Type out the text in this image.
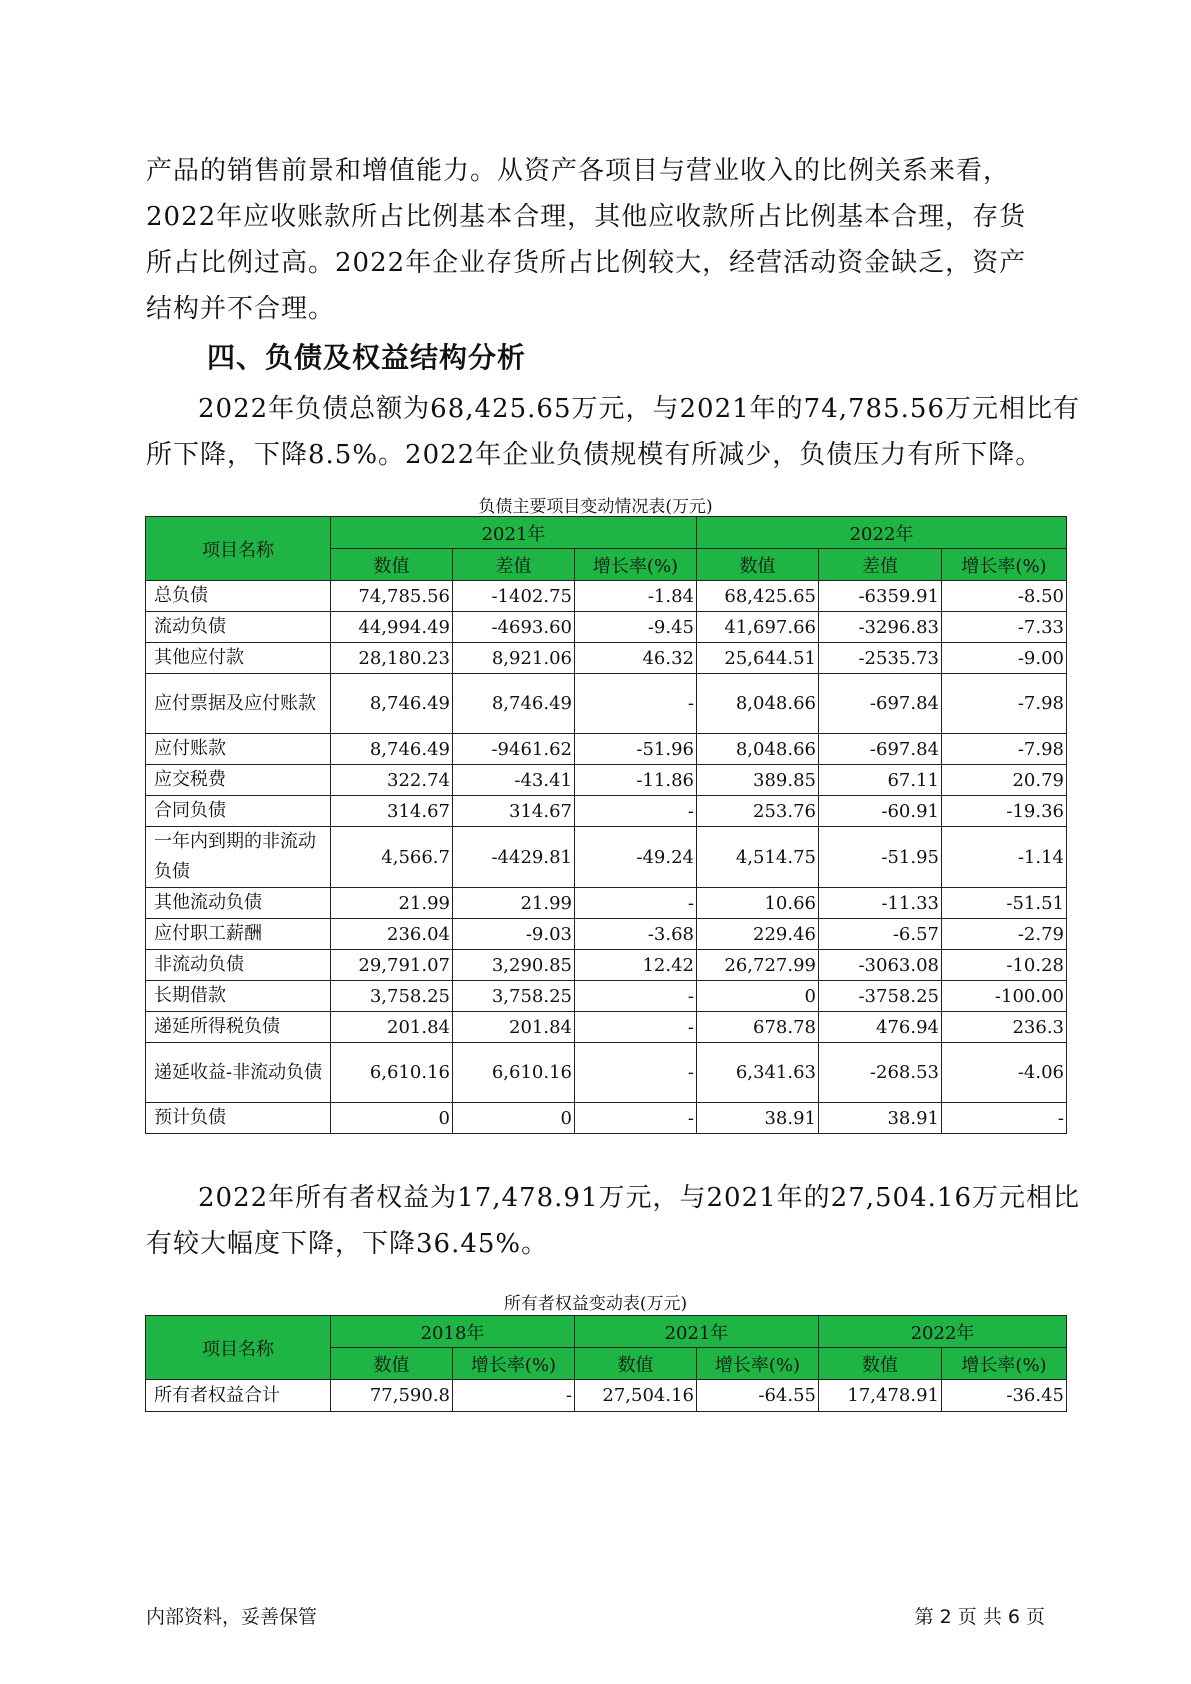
产品的销售前景和增值能力。从资产各项目与营业收入的比例关系来看，
2022年应收账款所占比例基本合理，其他应收款所占比例基本合理，存货
所占比例过高。2022年企业存货所占比例较大，经营活动资金缺乏，资产
结构并不合理。
四、负债及权益结构分析
2022年负债总额为68,425.65万元，与2021年的74,785.56万元相比有
所下降，下降8.5%。2022年企业负债规模有所减少，负债压力有所下降。
负债主要项目变动情况表(万元)
项目名称	2021年			2022年		
	数值	差值	增长率(%)	数值	差值	增长率(%)
总负债	74,785.56	-1402.75	-1.84	68,425.65	-6359.91	-8.50
流动负债	44,994.49	-4693.60	-9.45	41,697.66	-3296.83	-7.33
其他应付款	28,180.23	8,921.06	46.32	25,644.51	-2535.73	-9.00
应付票据及应付账款	8,746.49	8,746.49	-	8,048.66	-697.84	-7.98
应付账款	8,746.49	-9461.62	-51.96	8,048.66	-697.84	-7.98
应交税费	322.74	-43.41	-11.86	389.85	67.11	20.79
合同负债	314.67	314.67	-	253.76	-60.91	-19.36
一年内到期的非流动负债	4,566.7	-4429.81	-49.24	4,514.75	-51.95	-1.14
其他流动负债	21.99	21.99	-	10.66	-11.33	-51.51
应付职工薪酬	236.04	-9.03	-3.68	229.46	-6.57	-2.79
非流动负债	29,791.07	3,290.85	12.42	26,727.99	-3063.08	-10.28
长期借款	3,758.25	3,758.25	-	0	-3758.25	-100.00
递延所得税负债	201.84	201.84	-	678.78	476.94	236.3
递延收益-非流动负债	6,610.16	6,610.16	-	6,341.63	-268.53	-4.06
预计负债	0	0	-	38.91	38.91	-
2022年所有者权益为17,478.91万元，与2021年的27,504.16万元相比
有较大幅度下降，下降36.45%。
所有者权益变动表(万元)
项目名称	2018年		2021年		2022年	
	数值	增长率(%)	数值	增长率(%)	数值	增长率(%)
所有者权益合计	77,590.8	-	27,504.16	-64.55	17,478.91	-36.45
内部资料，妥善保管	第 2 页 共 6 页
